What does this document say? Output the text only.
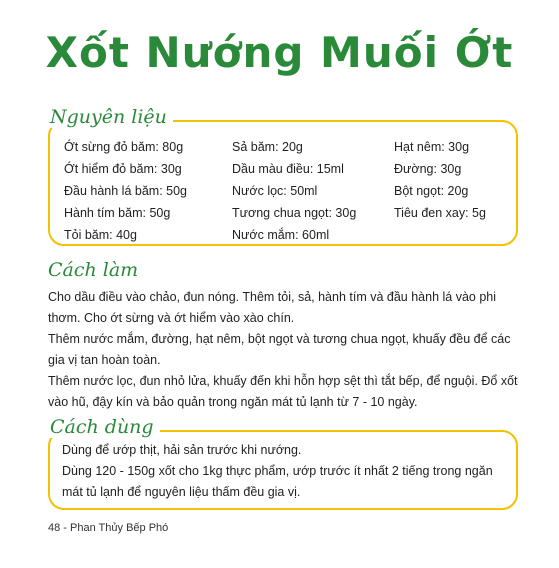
Xốt Nướng Muối Ớt
Nguyên liệu
Ớt sừng đỏ băm: 80g
Ớt hiểm đỏ băm: 30g
Đầu hành lá băm: 50g
Hành tím băm: 50g
Tỏi băm: 40g
Sả băm: 20g
Dầu màu điều: 15ml
Nước lọc: 50ml
Tương chua ngọt: 30g
Nước mắm: 60ml
Hạt nêm: 30g
Đường: 30g
Bột ngọt: 20g
Tiêu đen xay: 5g
Cách làm

Cho dầu điều vào chảo, đun nóng. Thêm tỏi, sả, hành tím và đầu hành lá vào phi thơm. Cho ớt sừng và ớt hiểm vào xào chín.

Thêm nước mắm, đường, hạt nêm, bột ngọt và tương chua ngọt, khuấy đều để các gia vị tan hoàn toàn.

Thêm nước lọc, đun nhỏ lửa, khuấy đến khi hỗn hợp sệt thì tắt bếp, để nguội. Đổ xốt vào hũ, đậy kín và bảo quản trong ngăn mát tủ lạnh từ 7 - 10 ngày.

Cách dùng

Dùng để ướp thịt, hải sản trước khi nướng.

Dùng 120 - 150g xốt cho 1kg thực phẩm, ướp trước ít nhất 2 tiếng trong ngăn mát tủ lạnh để nguyên liệu thấm đều gia vị.

48 - Phan Thủy Bếp Phó
